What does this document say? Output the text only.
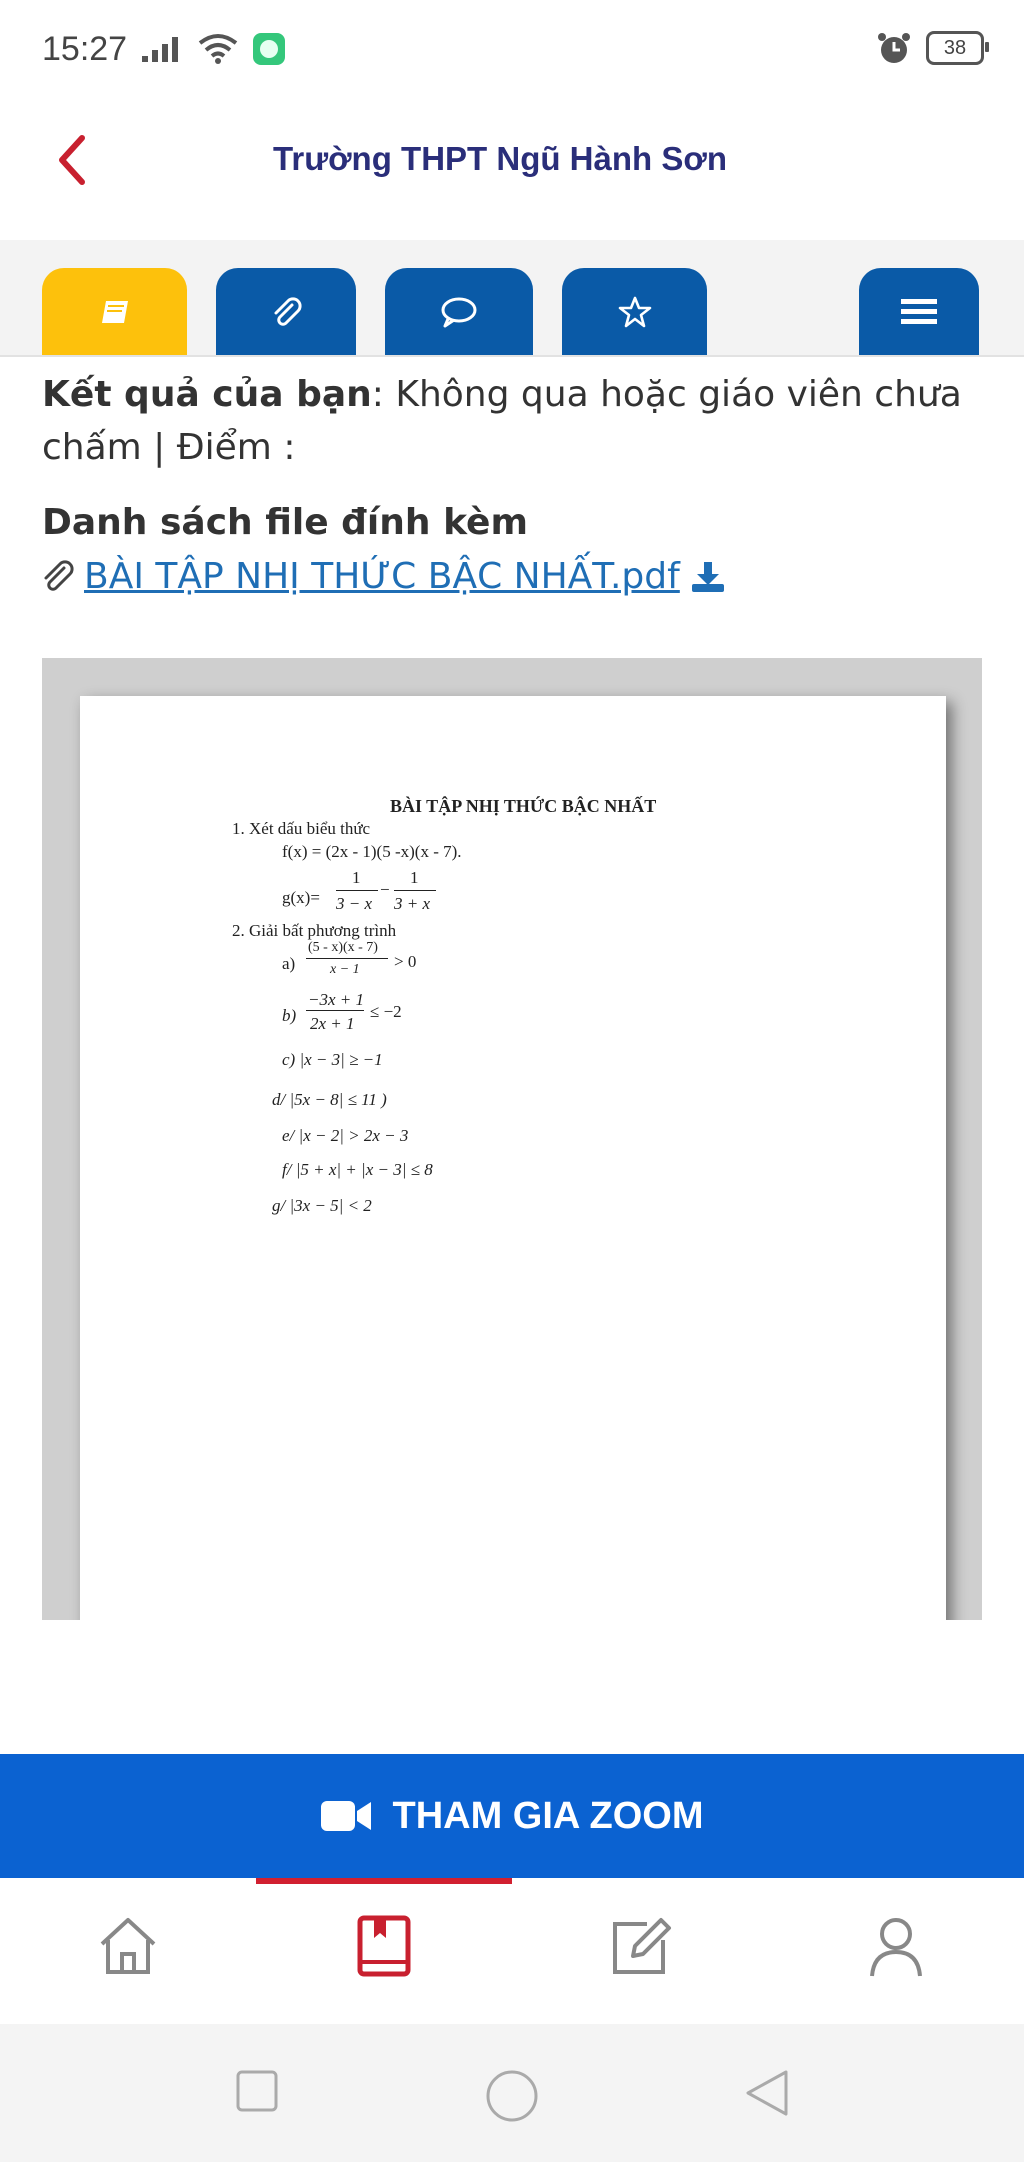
15:27	38
Trường THPT Ngũ Hành Sơn
Kết quả của bạn: Không qua hoặc giáo viên chưa chấm | Điểm :
Danh sách file đính kèm
BÀI TẬP NHỊ THỨC BẬC NHẤT.pdf
BÀI TẬP NHỊ THỨC BẬC NHẤT
1. Xét dấu biểu thức
f(x) = (2x - 1)(5 -x)(x - 7).
g(x)=
1
3 − x
−
1
3 + x
2. Giải bất phương trình
a)
(5 - x)(x - 7)
x − 1 > 0
b)
−3x + 1
2x + 1
≤ −2
c) |x − 3| ≥ −1
d/ |5x − 8| ≤ 11 )
e/ |x − 2| > 2x − 3
f/ |5 + x| + |x − 3| ≤ 8
g/ |3x − 5| < 2
THAM GIA ZOOM
